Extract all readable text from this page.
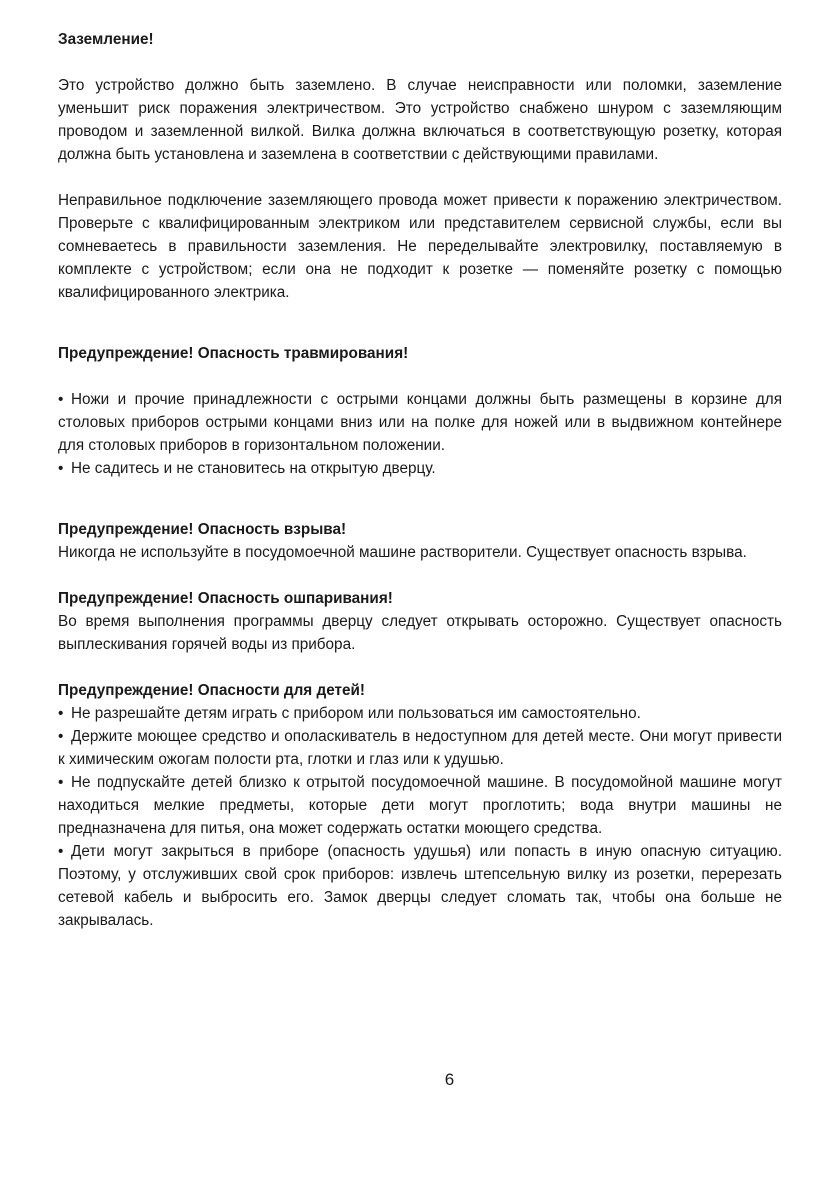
Заземление!

Это устройство должно быть заземлено. В случае неисправности или поломки, заземление уменьшит риск поражения электричеством. Это устройство снабжено шнуром с заземляющим проводом и заземленной вилкой. Вилка должна включаться в соответствующую розетку, которая должна быть установлена и заземлена в соответствии с действующими правилами.

Неправильное подключение заземляющего провода может привести к поражению электричеством. Проверьте с квалифицированным электриком или представителем сервисной службы, если вы сомневаетесь в правильности заземления. Не переделывайте электровилку, поставляемую в комплекте с устройством; если она не подходит к розетке — поменяйте розетку с помощью квалифицированного электрика.

Предупреждение! Опасность травмирования!

• Ножи и прочие принадлежности с острыми концами должны быть размещены в корзине для столовых приборов острыми концами вниз или на полке для ножей или в выдвижном контейнере для столовых приборов в горизонтальном положении.

• Не садитесь и не становитесь на открытую дверцу.

Предупреждение! Опасность взрыва!

Никогда не используйте в посудомоечной машине растворители. Существует опасность взрыва.

Предупреждение! Опасность ошпаривания!

Во время выполнения программы дверцу следует открывать осторожно. Существует опасность выплескивания горячей воды из прибора.

Предупреждение! Опасности для детей!

• Не разрешайте детям играть с прибором или пользоваться им самостоятельно.

• Держите моющее средство и ополаскиватель в недоступном для детей месте. Они могут привести к химическим ожогам полости рта, глотки и глаз или к удушью.

• Не подпускайте детей близко к отрытой посудомоечной машине. В посудомойной машине могут находиться мелкие предметы, которые дети могут проглотить; вода внутри машины не предназначена для питья, она может содержать остатки моющего средства.

• Дети могут закрыться в приборе (опасность удушья) или попасть в иную опасную ситуацию. Поэтому, у отслуживших свой срок приборов: извлечь штепсельную вилку из розетки, перерезать сетевой кабель и выбросить его. Замок дверцы следует сломать так, чтобы она больше не закрывалась.

6
